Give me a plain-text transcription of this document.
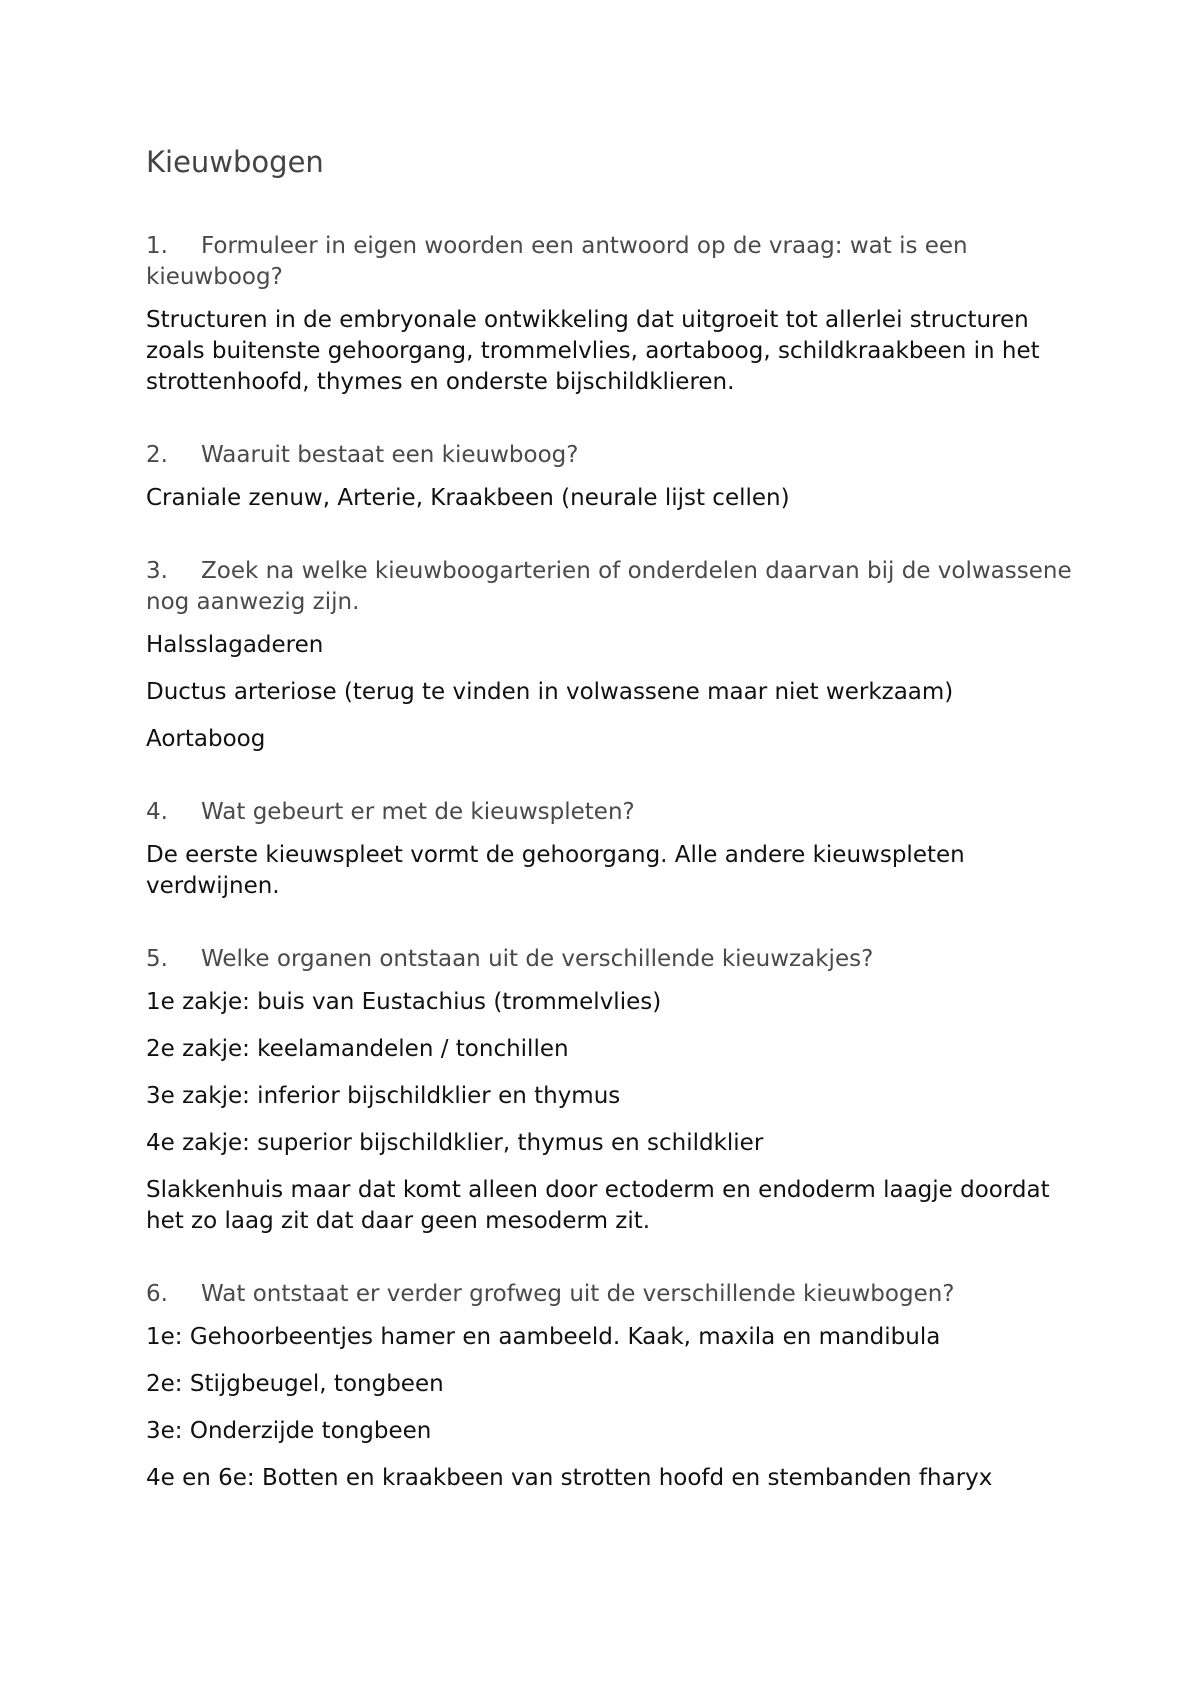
Kieuwbogen
1. Formuleer in eigen woorden een antwoord op de vraag: wat is een kieuwboog?
Structuren in de embryonale ontwikkeling dat uitgroeit tot allerlei structuren zoals buitenste gehoorgang, trommelvlies, aortaboog, schildkraakbeen in het strottenhoofd, thymes en onderste bijschildklieren.
2. Waaruit bestaat een kieuwboog?
Craniale zenuw, Arterie, Kraakbeen (neurale lijst cellen)
3. Zoek na welke kieuwboogarterien of onderdelen daarvan bij de volwassene nog aanwezig zijn.
Halsslagaderen
Ductus arteriose (terug te vinden in volwassene maar niet werkzaam)
Aortaboog
4. Wat gebeurt er met de kieuwspleten?
De eerste kieuwspleet vormt de gehoorgang. Alle andere kieuwspleten verdwijnen.
5. Welke organen ontstaan uit de verschillende kieuwzakjes?
1e zakje: buis van Eustachius (trommelvlies)
2e zakje: keelamandelen / tonchillen
3e zakje: inferior bijschildklier en thymus
4e zakje: superior bijschildklier, thymus en schildklier
Slakkenhuis maar dat komt alleen door ectoderm en endoderm laagje doordat het zo laag zit dat daar geen mesoderm zit.
6. Wat ontstaat er verder grofweg uit de verschillende kieuwbogen?
1e: Gehoorbeentjes hamer en aambeeld. Kaak, maxila en mandibula
2e: Stijgbeugel, tongbeen
3e: Onderzijde tongbeen
4e en 6e: Botten en kraakbeen van strotten hoofd en stembanden fharyx
